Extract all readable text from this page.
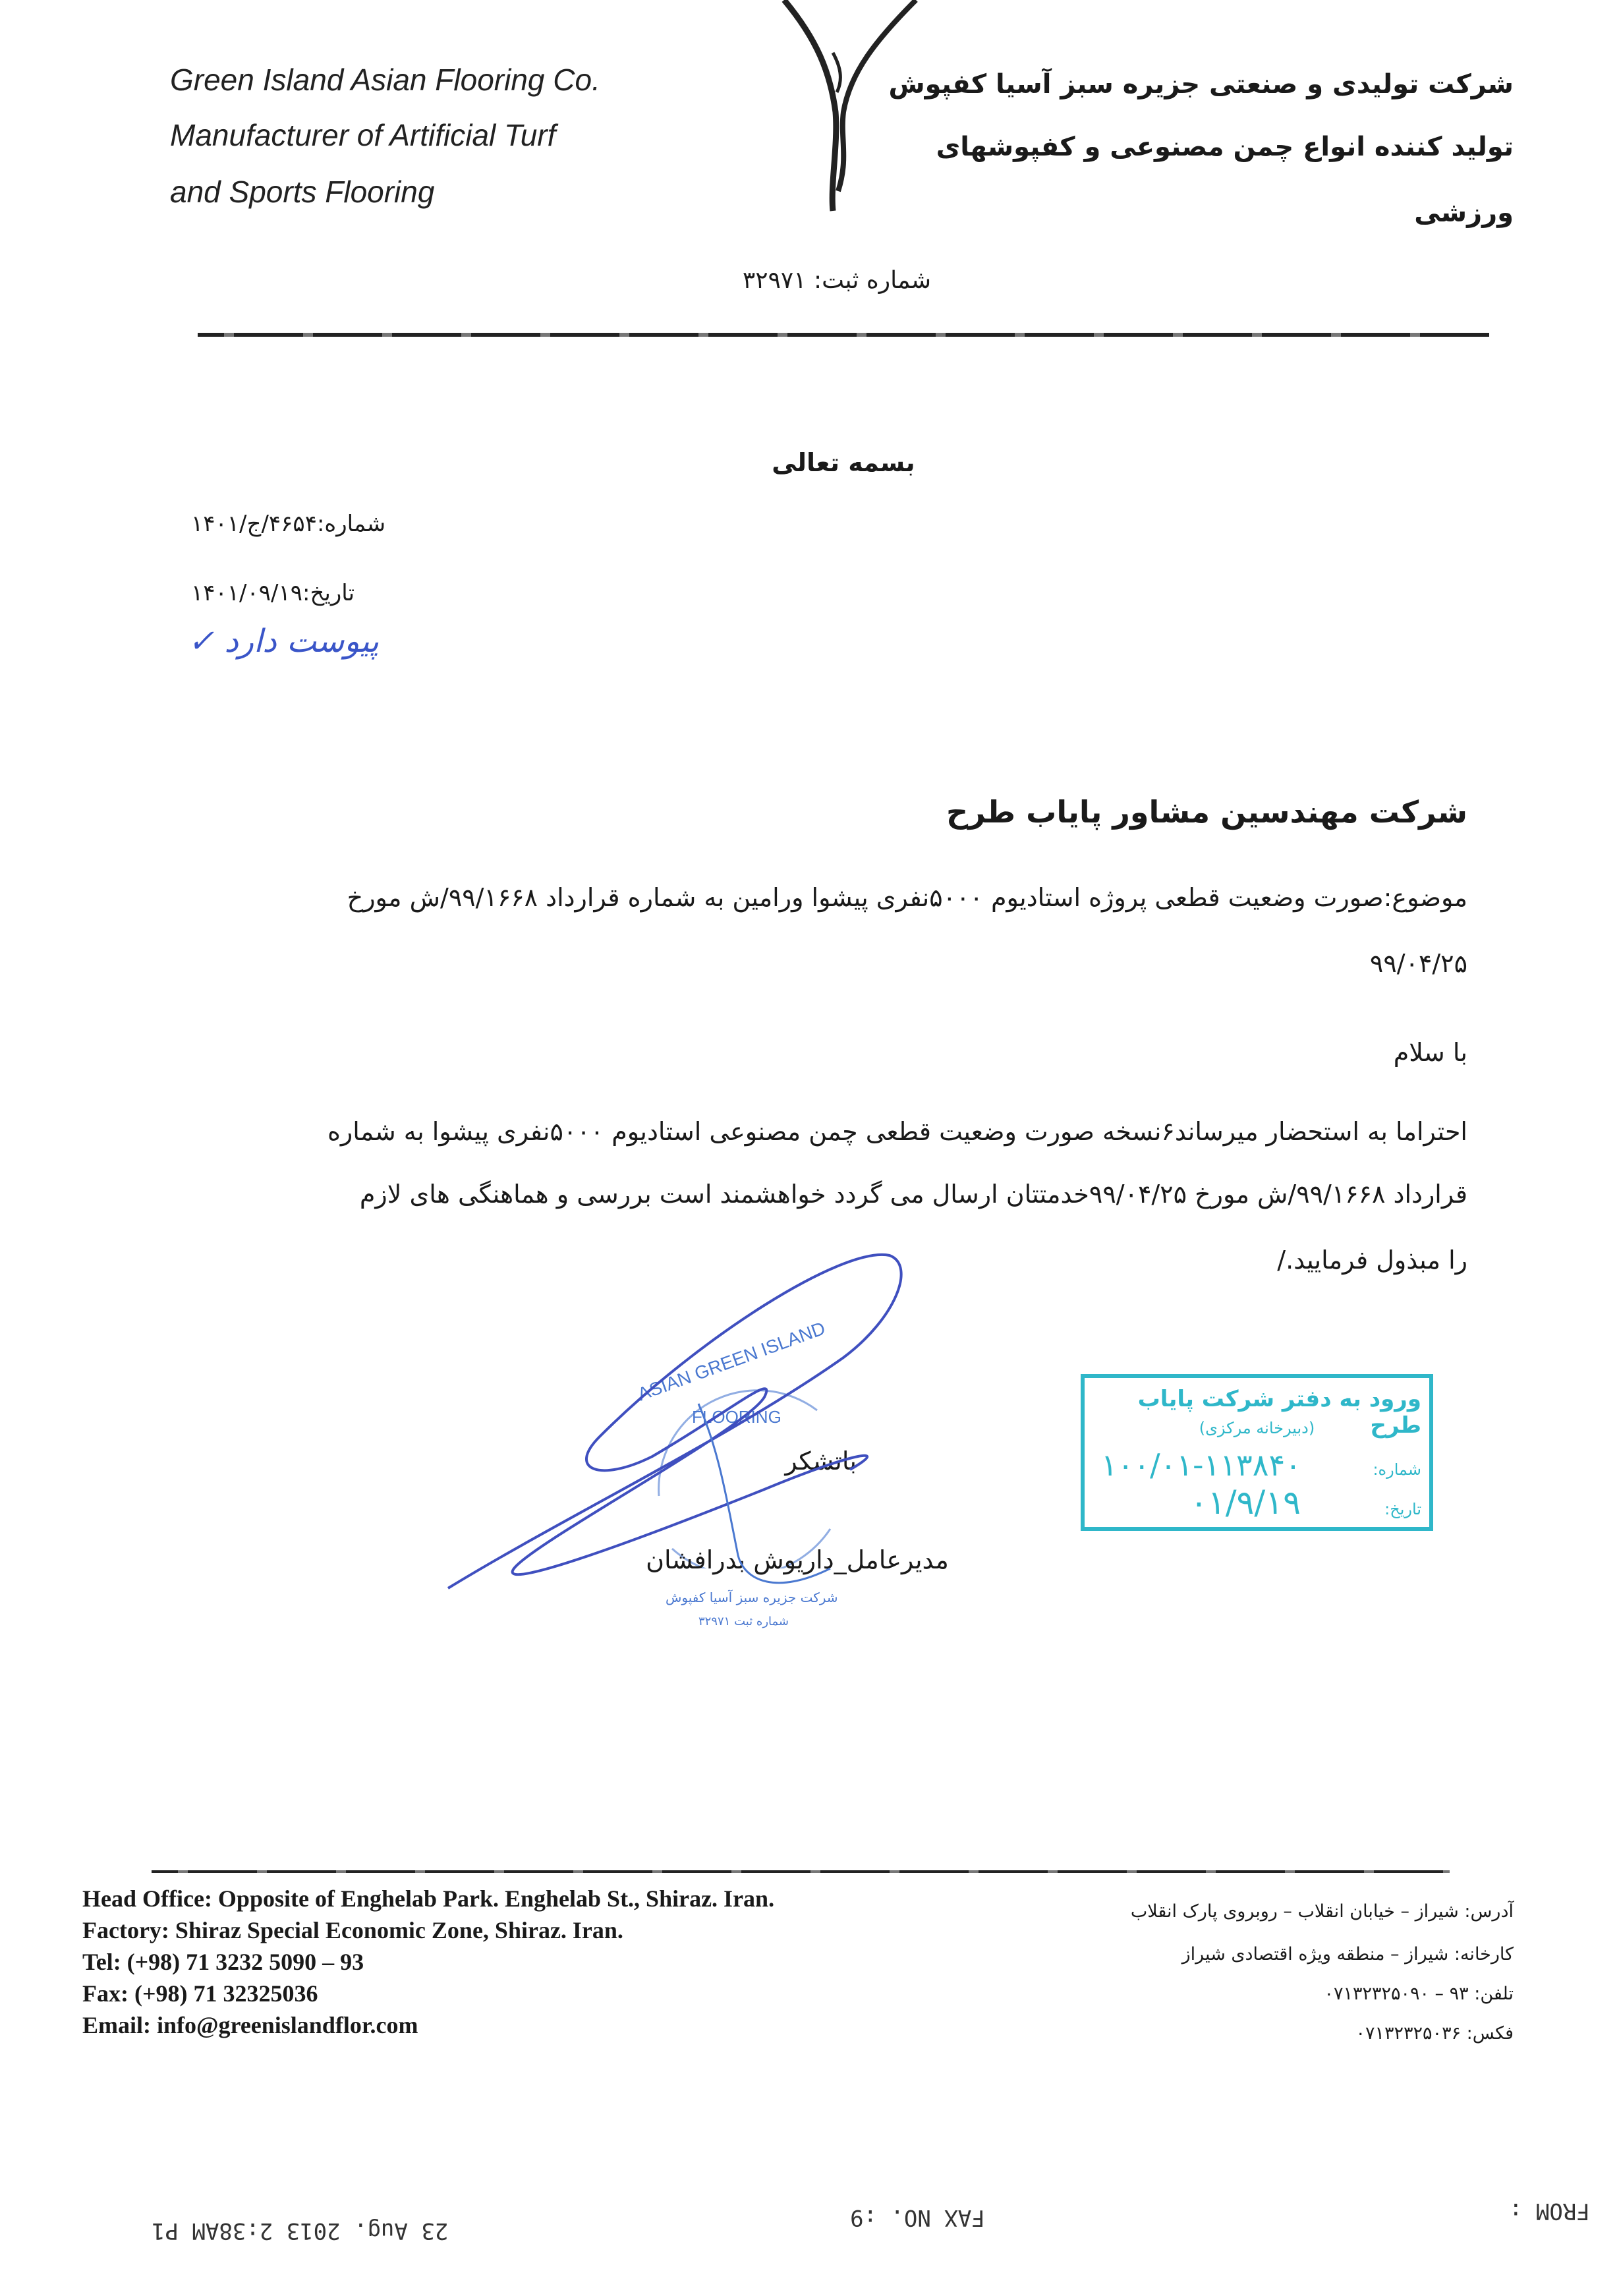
Green Island Asian Flooring Co.
Manufacturer of Artificial Turf
and Sports Flooring
شرکت تولیدی و صنعتی جزیره سبز آسیا کفپوش
تولید کننده انواع چمن مصنوعی و کفپوشهای
ورزشی
شماره ثبت: ۳۲۹۷۱
بسمه تعالی
شماره:۴۶۵۴/ج/۱۴۰۱
تاریخ:۱۴۰۱/۰۹/۱۹
پیوست دارد ✓
شرکت مهندسین مشاور پایاب طرح
موضوع:صورت وضعیت قطعی پروژه استادیوم ۵۰۰۰نفری پیشوا ورامین به شماره قرارداد ۹۹/۱۶۶۸/ش مورخ
۹۹/۰۴/۲۵
با سلام
احتراما به استحضار میرساند۶نسخه صورت وضعیت قطعی چمن مصنوعی استادیوم ۵۰۰۰نفری پیشوا به شماره
قرارداد ۹۹/۱۶۶۸/ش مورخ ۹۹/۰۴/۲۵خدمتتان ارسال می گردد خواهشمند است بررسی و هماهنگی های لازم
را مبذول فرمایید./
ASIAN GREEN ISLAND
FLOORING
شرکت جزیره سبز آسیا کفپوش
شماره ثبت ۳۲۹۷۱
باتشکر
مدیرعامل_داریوش بدرافشان
ورود به دفتر شرکت پایاب طرح
(دبیرخانه مرکزی)
شماره:
۱۰۰/۰۱-۱۱۳۸۴۰
تاریخ:
۰۱/۹/۱۹
Head Office: Opposite of Enghelab Park. Enghelab St., Shiraz. Iran.
Factory: Shiraz Special Economic Zone, Shiraz. Iran.
Tel: (+98) 71 3232 5090 – 93
Fax: (+98) 71 32325036
Email: info@greenislandflor.com
آدرس: شیراز – خیابان انقلاب – روبروی پارک انقلاب
کارخانه: شیراز – منطقه ویژه اقتصادی شیراز
تلفن: ۹۳ – ۰۷۱۳۲۳۲۵۰۹۰
فکس: ۰۷۱۳۲۳۲۵۰۳۶
23 Aug. 2013 2:38AM P1	FAX NO. :9	FROM :
